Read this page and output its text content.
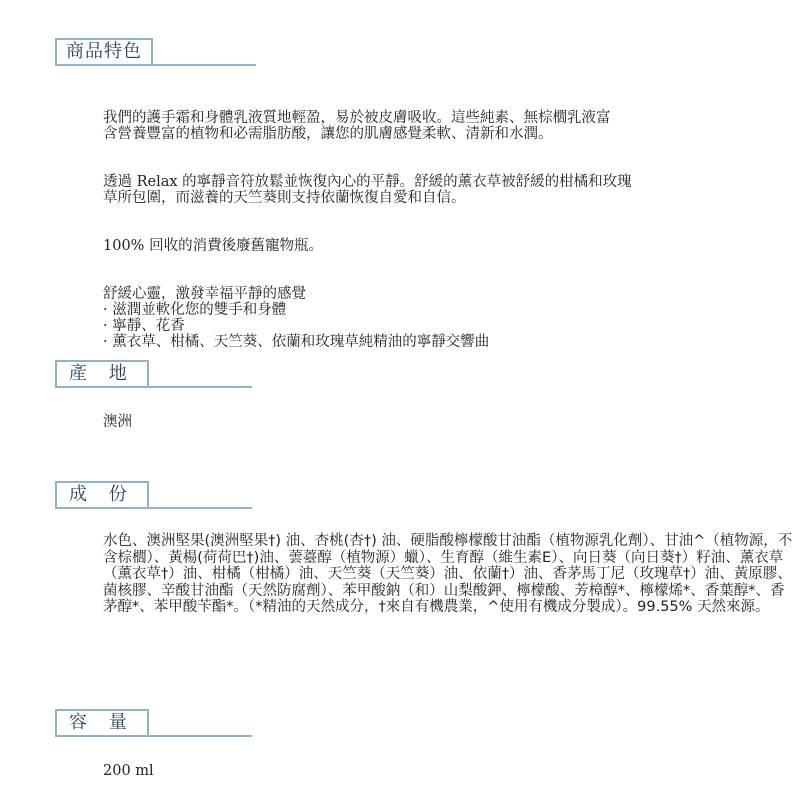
商品特色

我們的護手霜和身體乳液質地輕盈，易於被皮膚吸收。這些純素、無棕櫚乳液富
含營養豐富的植物和必需脂肪酸，讓您的肌膚感覺柔軟、清新和水潤。

透過 Relax 的寧靜音符放鬆並恢復內心的平靜。舒緩的薰衣草被舒緩的柑橘和玫瑰
草所包圍，而滋養的天竺葵則支持依蘭恢復自愛和自信。

100% 回收的消費後廢舊寵物瓶。

舒緩心靈，激發幸福平靜的感覺
· 滋潤並軟化您的雙手和身體
· 寧靜、花香
· 薰衣草、柑橘、天竺葵、依蘭和玫瑰草純精油的寧靜交響曲

產 地
澳洲
成 份
水色、澳洲堅果(澳洲堅果†) 油、杏桃(杏†) 油、硬脂酸檸檬酸甘油酯（植物源乳化劑）、甘油^（植物源，不含棕櫚）、黃楊(荷荷巴†)油、蕓薹醇（植物源）蠟）、生育醇（維生素E）、向日葵（向日葵†）籽油、薰衣草（薰衣草†）油、柑橘（柑橘）油、天竺葵（天竺葵）油、依蘭†）油、香茅馬丁尼（玫瑰草†）油、黃原膠、菌核膠、辛酸甘油酯（天然防腐劑）、苯甲酸鈉（和）山梨酸鉀、檸檬酸、芳樟醇*、檸檬烯*、香葉醇*、香茅醇*、苯甲酸苄酯*。（*精油的天然成分，†來自有機農業，^使用有機成分製成）。99.55% 天然來源。
容 量
200 ml
